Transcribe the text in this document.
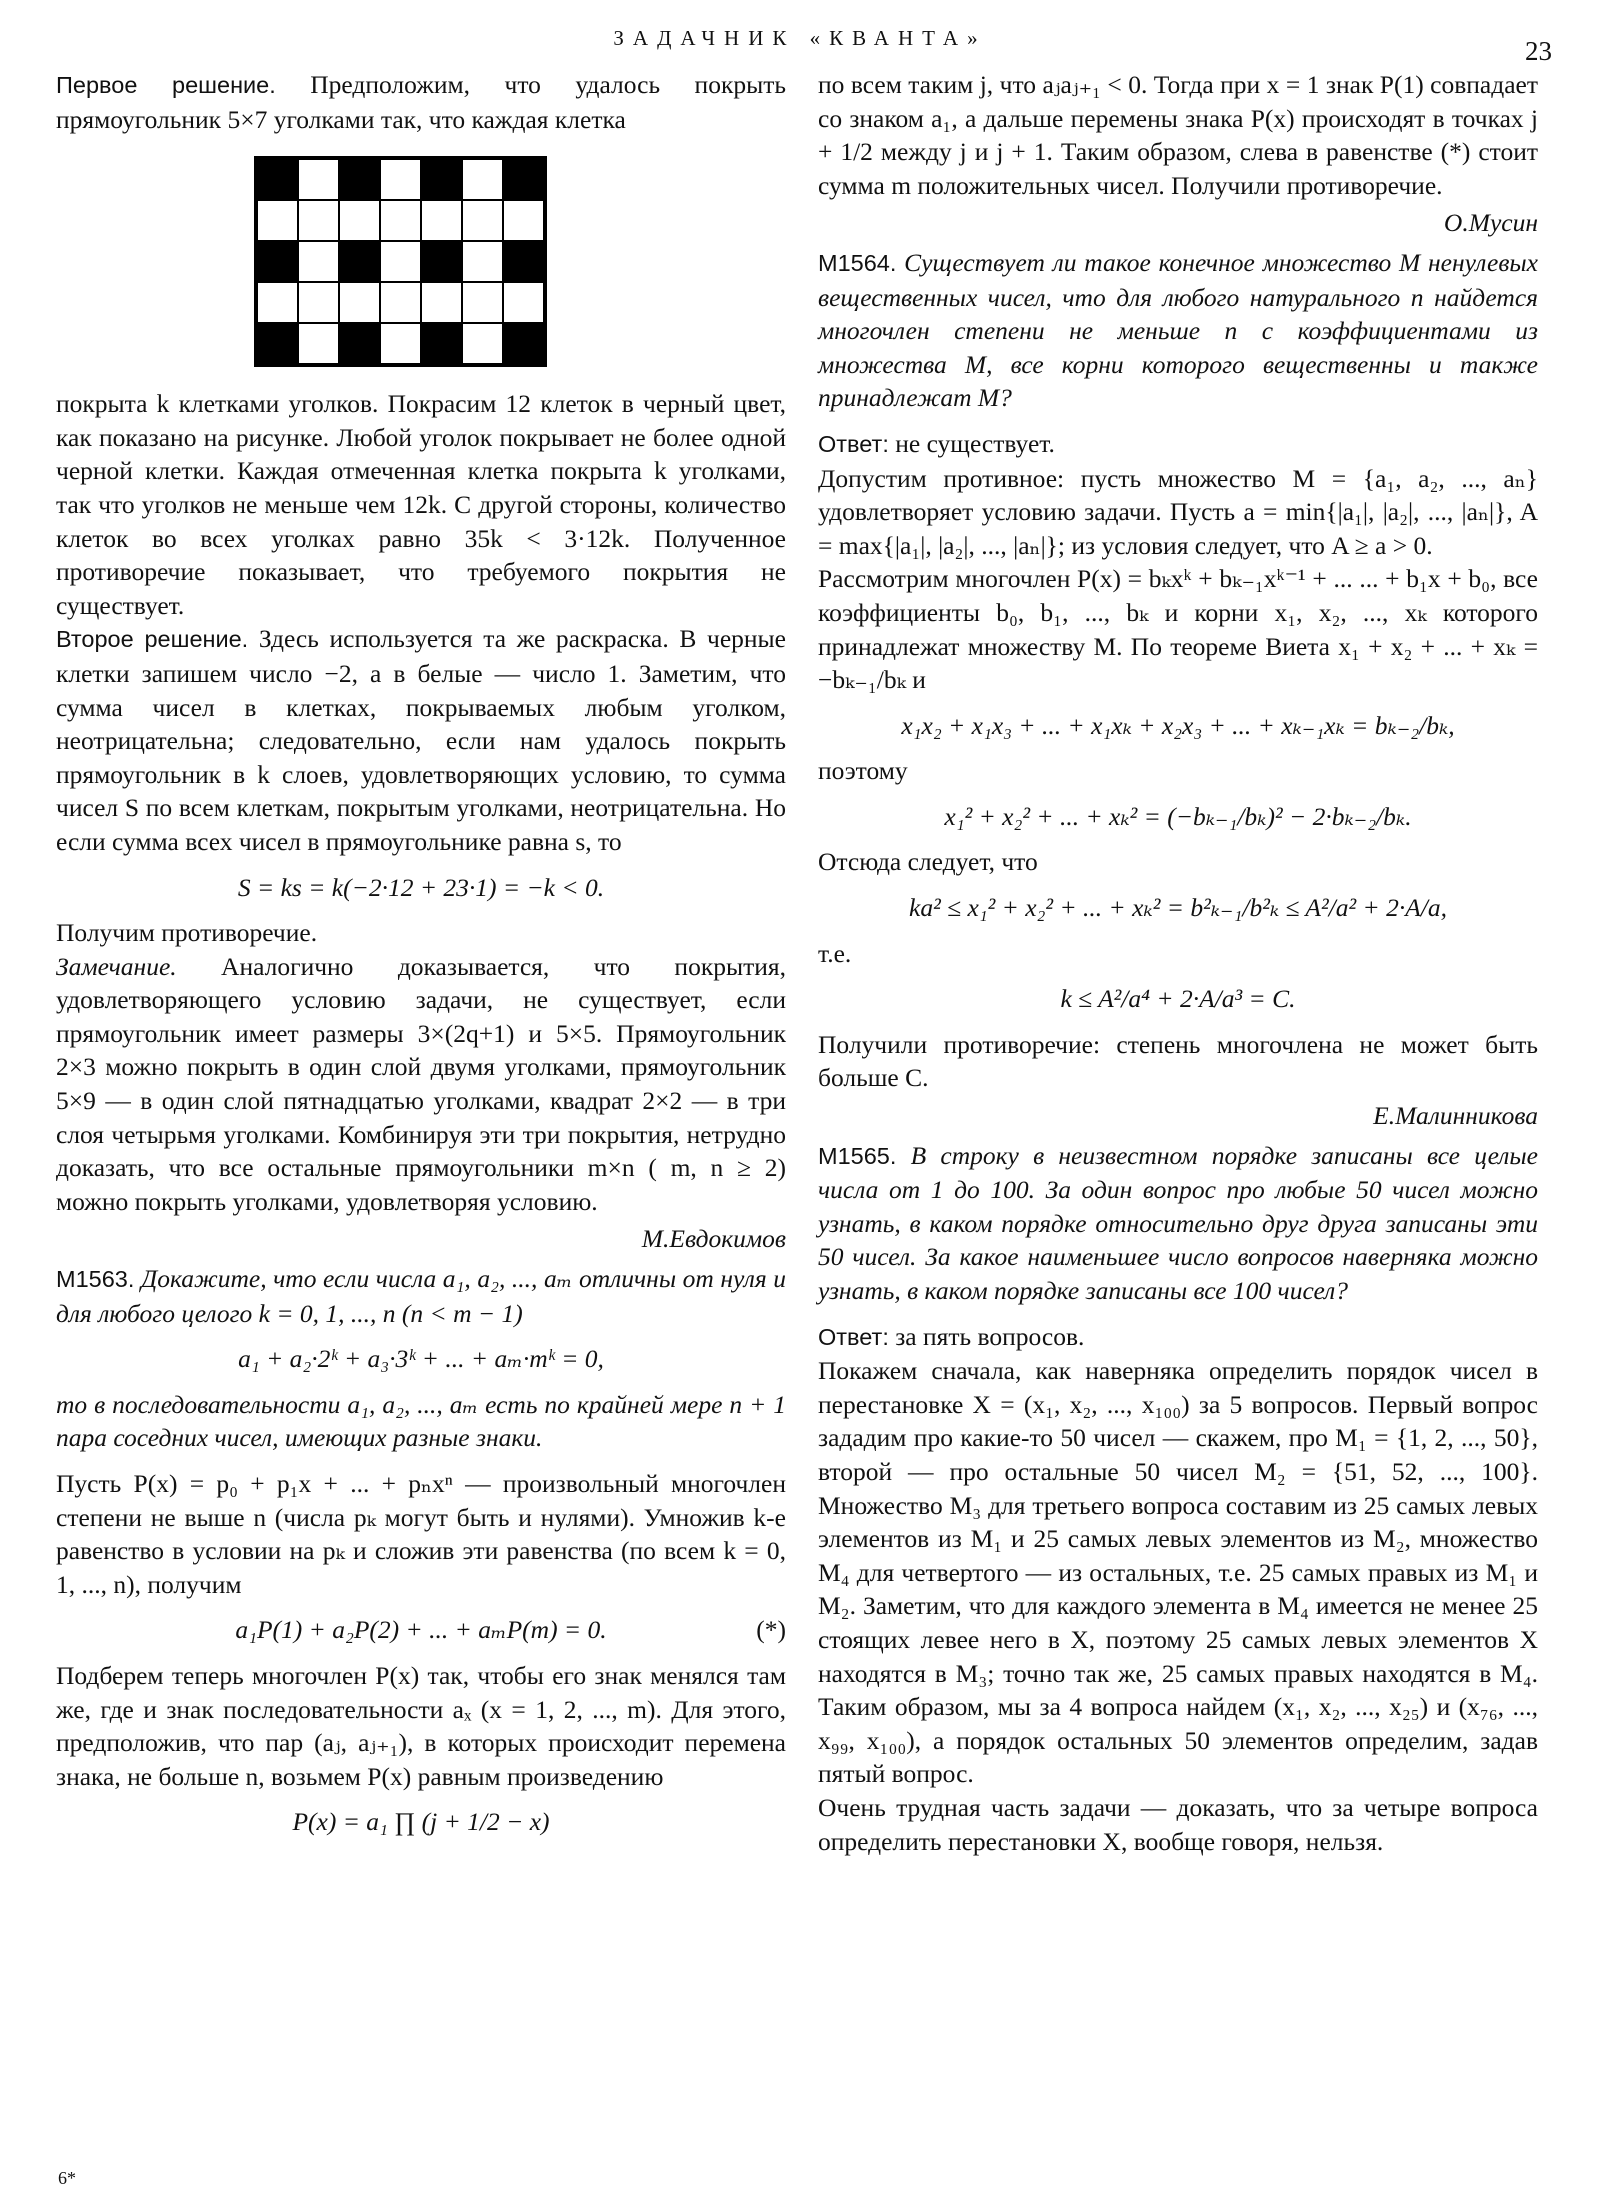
ЗАДАЧНИК «КВАНТА»	23

Первое решение. Предположим, что удалось покрыть прямоугольник 5×7 уголками так, что каждая клетка

покрыта k клетками уголков. Покрасим 12 клеток в черный цвет, как показано на рисунке. Любой уголок покрывает не более одной черной клетки. Каждая отмеченная клетка покрыта k уголками, так что уголков не меньше чем 12k. С другой стороны, количество клеток во всех уголках равно 35k < 3·12k. Полученное противоречие показывает, что требуемого покрытия не существует.

Второе решение. Здесь используется та же раскраска. В черные клетки запишем число −2, а в белые — число 1. Заметим, что сумма чисел в клетках, покрываемых любым уголком, неотрицательна; следовательно, если нам удалось покрыть прямоугольник в k слоев, удовлетворяющих условию, то сумма чисел S по всем клеткам, покрытым уголками, неотрицательна. Но если сумма всех чисел в прямоугольнике равна s, то

S = ks = k(−2·12 + 23·1) = −k < 0.

Получим противоречие.

Замечание. Аналогично доказывается, что покрытия, удовлетворяющего условию задачи, не существует, если прямоугольник имеет размеры 3×(2q+1) и 5×5. Прямоугольник 2×3 можно покрыть в один слой двумя уголками, прямоугольник 5×9 — в один слой пятнадцатью уголками, квадрат 2×2 — в три слоя четырьмя уголками. Комбинируя эти три покрытия, нетрудно доказать, что все остальные прямоугольники m×n ( m, n ≥ 2) можно покрыть уголками, удовлетворяя условию.

М.Евдокимов

М1563. Докажите, что если числа a₁, a₂, ..., aₘ отличны от нуля и для любого целого k = 0, 1, ..., n (n < m − 1)

a₁ + a₂·2ᵏ + a₃·3ᵏ + ... + aₘ·mᵏ = 0,

то в последовательности a₁, a₂, ..., aₘ есть по крайней мере n + 1 пара соседних чисел, имеющих разные знаки.

Пусть P(x) = p₀ + p₁x + ... + pₙxⁿ — произвольный многочлен степени не выше n (числа pₖ могут быть и нулями). Умножив k-е равенство в условии на pₖ и сложив эти равенства (по всем k = 0, 1, ..., n), получим

a₁P(1) + a₂P(2) + ... + aₘP(m) = 0.	(*)

Подберем теперь многочлен P(x) так, чтобы его знак менялся там же, где и знак последовательности aₓ (x = 1, 2, ..., m). Для этого, предположив, что пар (aⱼ, aⱼ₊₁), в которых происходит перемена знака, не больше n, возьмем P(x) равным произведению

P(x) = a₁ ∏ (j + 1/2 − x)

по всем таким j, что aⱼaⱼ₊₁ < 0. Тогда при x = 1 знак P(1) совпадает со знаком a₁, а дальше перемены знака P(x) происходят в точках j + 1/2 между j и j + 1. Таким образом, слева в равенстве (*) стоит сумма m положительных чисел. Получили противоречие.

О.Мусин

М1564. Существует ли такое конечное множество M ненулевых вещественных чисел, что для любого натурального n найдется многочлен степени не меньше n с коэффициентами из множества M, все корни которого вещественны и также принадлежат M?

Ответ: не существует.

Допустим противное: пусть множество M = {a₁, a₂, ..., aₙ} удовлетворяет условию задачи. Пусть a = min{|a₁|, |a₂|, ..., |aₙ|}, A = max{|a₁|, |a₂|, ..., |aₙ|}; из условия следует, что A ≥ a > 0.

Рассмотрим многочлен P(x) = bₖxᵏ + bₖ₋₁xᵏ⁻¹ + ... ... + b₁x + b₀, все коэффициенты b₀, b₁, ..., bₖ и корни x₁, x₂, ..., xₖ которого принадлежат множеству M. По теореме Виета x₁ + x₂ + ... + xₖ = −bₖ₋₁/bₖ и

x₁x₂ + x₁x₃ + ... + x₁xₖ + x₂x₃ + ... + xₖ₋₁xₖ = bₖ₋₂/bₖ,

поэтому

x₁² + x₂² + ... + xₖ² = (−bₖ₋₁/bₖ)² − 2·bₖ₋₂/bₖ.

Отсюда следует, что

ka² ≤ x₁² + x₂² + ... + xₖ² = b²ₖ₋₁/b²ₖ ≤ A²/a² + 2·A/a,

т.е.

k ≤ A²/a⁴ + 2·A/a³ = C.

Получили противоречие: степень многочлена не может быть больше C.

Е.Малинникова

М1565. В строку в неизвестном порядке записаны все целые числа от 1 до 100. За один вопрос про любые 50 чисел можно узнать, в каком порядке относительно друг друга записаны эти 50 чисел. За какое наименьшее число вопросов наверняка можно узнать, в каком порядке записаны все 100 чисел?

Ответ: за пять вопросов.

Покажем сначала, как наверняка определить порядок чисел в перестановке X = (x₁, x₂, ..., x₁₀₀) за 5 вопросов. Первый вопрос зададим про какие-то 50 чисел — скажем, про M₁ = {1, 2, ..., 50}, второй — про остальные 50 чисел M₂ = {51, 52, ..., 100}. Множество M₃ для третьего вопроса составим из 25 самых левых элементов из M₁ и 25 самых левых элементов из M₂, множество M₄ для четвертого — из остальных, т.е. 25 самых правых из M₁ и M₂. Заметим, что для каждого элемента в M₄ имеется не менее 25 стоящих левее него в X, поэтому 25 самых левых элементов X находятся в M₃; точно так же, 25 самых правых находятся в M₄. Таким образом, мы за 4 вопроса найдем (x₁, x₂, ..., x₂₅) и (x₇₆, ..., x₉₉, x₁₀₀), а порядок остальных 50 элементов определим, задав пятый вопрос.

Очень трудная часть задачи — доказать, что за четыре вопроса определить перестановки X, вообще говоря, нельзя.

6*
